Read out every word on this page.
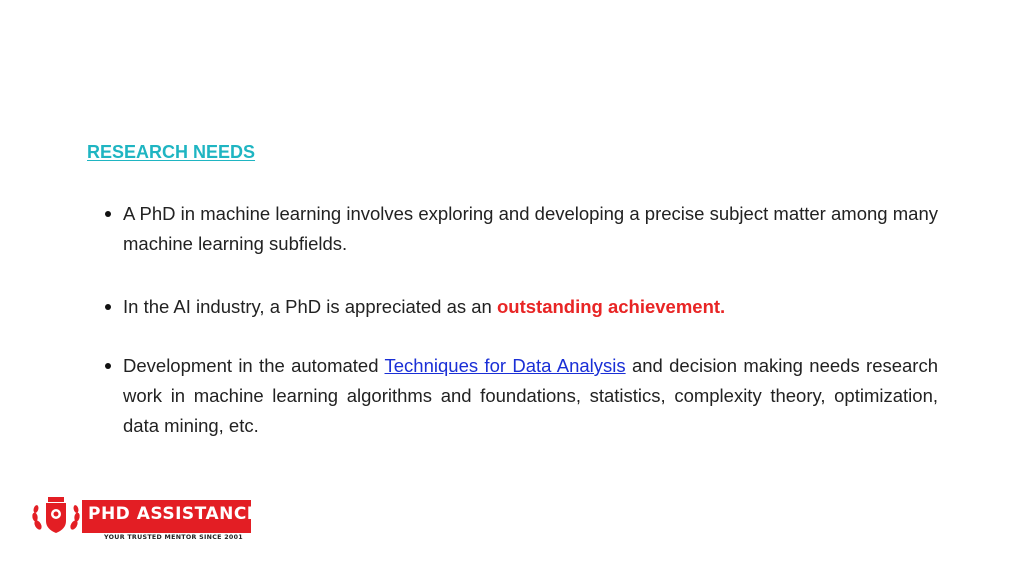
RESEARCH NEEDS
A PhD in machine learning involves exploring and developing a precise subject matter among many machine learning subfields.
In the AI industry, a PhD is appreciated as an outstanding achievement.
Development in the automated Techniques for Data Analysis and decision making needs research work in machine learning algorithms and foundations, statistics, complexity theory, optimization, data mining, etc.
PHD ASSISTANCE
YOUR TRUSTED MENTOR SINCE 2001
